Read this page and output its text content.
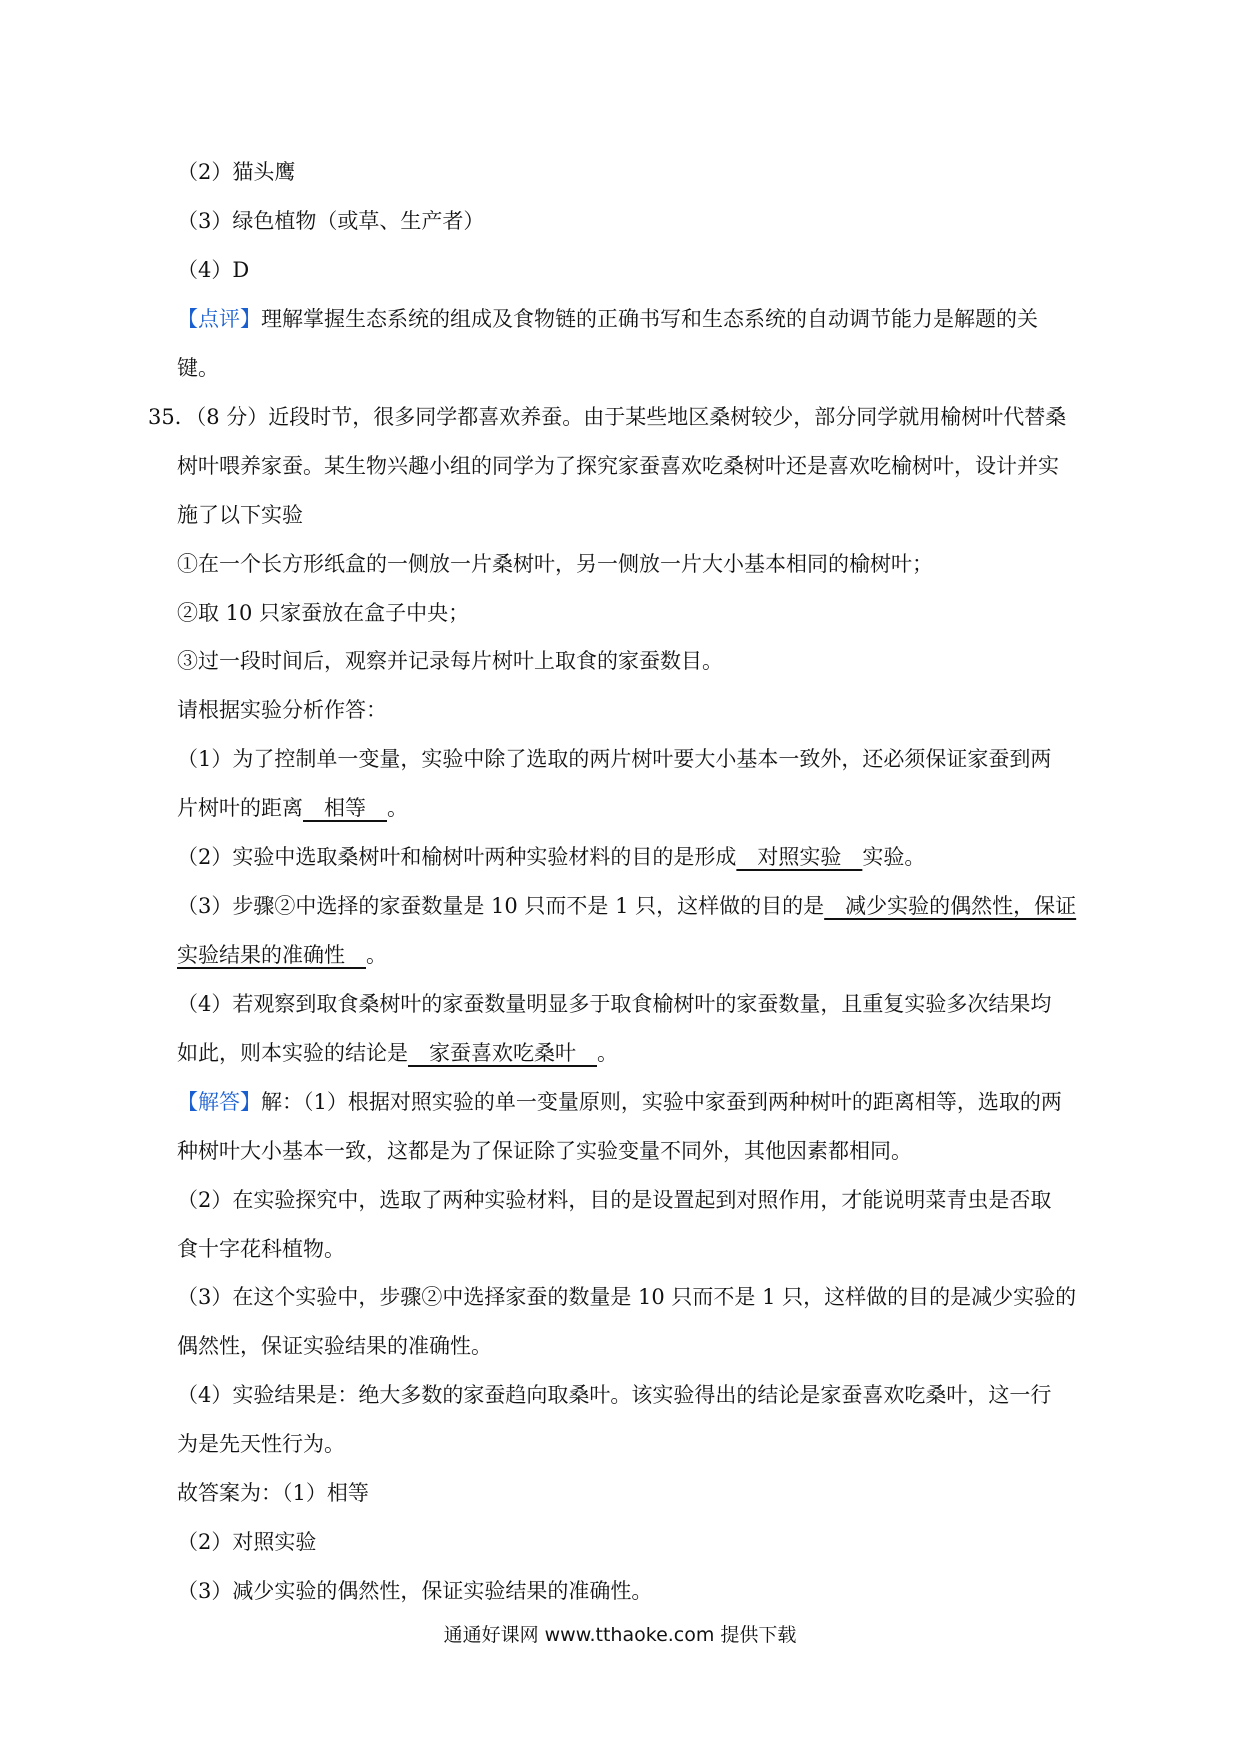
（2）猫头鹰
（3）绿色植物（或草、生产者）
（4）D
【点评】理解掌握生态系统的组成及食物链的正确书写和生态系统的自动调节能力是解题的关
键。
35．（8 分）近段时节，很多同学都喜欢养蚕。由于某些地区桑树较少，部分同学就用榆树叶代替桑
树叶喂养家蚕。某生物兴趣小组的同学为了探究家蚕喜欢吃桑树叶还是喜欢吃榆树叶，设计并实
施了以下实验
①在一个长方形纸盒的一侧放一片桑树叶，另一侧放一片大小基本相同的榆树叶；
②取 10 只家蚕放在盒子中央；
③过一段时间后，观察并记录每片树叶上取食的家蚕数目。
请根据实验分析作答：
（1）为了控制单一变量，实验中除了选取的两片树叶要大小基本一致外，还必须保证家蚕到两
片树叶的距离　相等　。
（2）实验中选取桑树叶和榆树叶两种实验材料的目的是形成　对照实验　实验。
（3）步骤②中选择的家蚕数量是 10 只而不是 1 只，这样做的目的是　减少实验的偶然性，保证
实验结果的准确性　。
（4）若观察到取食桑树叶的家蚕数量明显多于取食榆树叶的家蚕数量，且重复实验多次结果均
如此，则本实验的结论是　家蚕喜欢吃桑叶　。
【解答】解：（1）根据对照实验的单一变量原则，实验中家蚕到两种树叶的距离相等，选取的两
种树叶大小基本一致，这都是为了保证除了实验变量不同外，其他因素都相同。
（2）在实验探究中，选取了两种实验材料，目的是设置起到对照作用，才能说明菜青虫是否取
食十字花科植物。
（3）在这个实验中，步骤②中选择家蚕的数量是 10 只而不是 1 只，这样做的目的是减少实验的
偶然性，保证实验结果的准确性。
（4）实验结果是：绝大多数的家蚕趋向取桑叶。该实验得出的结论是家蚕喜欢吃桑叶，这一行
为是先天性行为。
故答案为：（1）相等
（2）对照实验
（3）减少实验的偶然性，保证实验结果的准确性。
通通好课网 www.tthaoke.com 提供下载
